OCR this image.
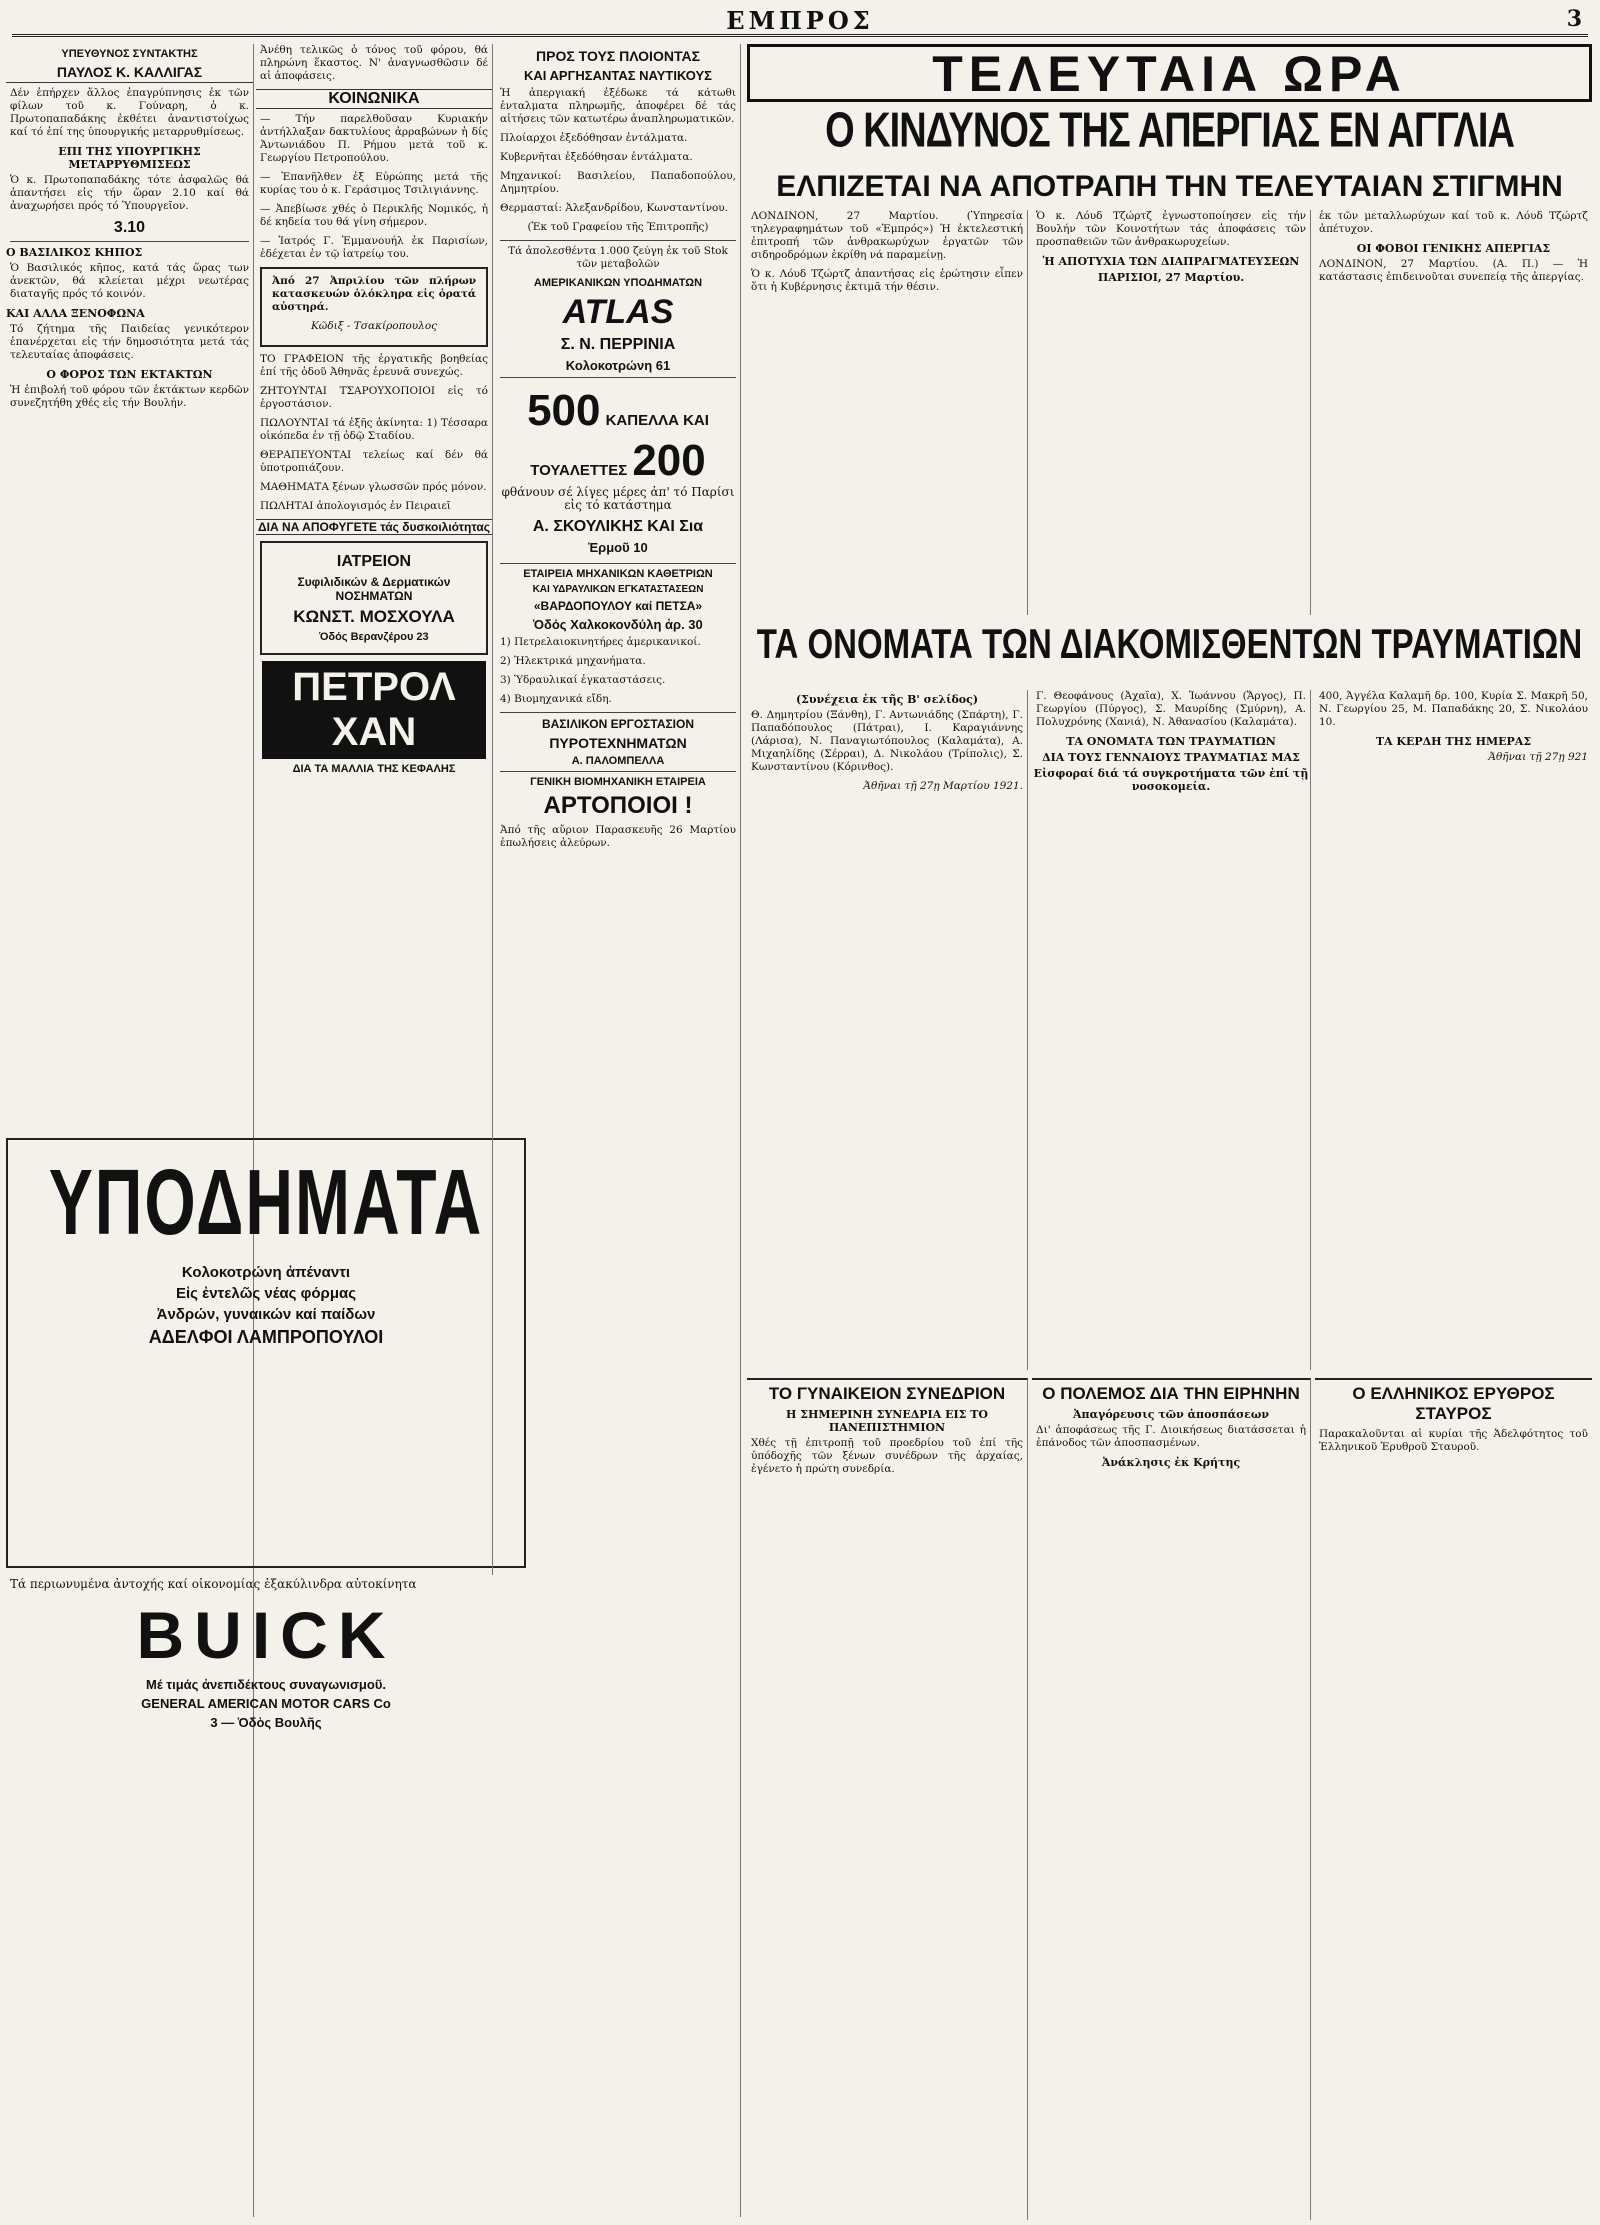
ΕΜΠΡΟΣ	3
ΥΠΕΥΘΥΝΟΣ ΣΥΝΤΑΚΤΗΣ
ΠΑΥΛΟΣ Κ. ΚΑΛΛΙΓΑΣ

Δέν ἐπήρχεν ἄλλος ἐπαγρύπνησις ἐκ τῶν φίλων τοῦ κ. Γούναρη, ὁ κ. Πρωτοπαπαδάκης ἐκθέτει ἀναντιστοίχως καί τό ἐπί της ὑπουργικής μεταρρυθμίσεως.

ΕΠΙ ΤΗΣ ΥΠΟΥΡΓΙΚΗΣ ΜΕΤΑΡΡΥΘΜΙΣΕΩΣ

Ὁ κ. Πρωτοπαπαδάκης τότε ἀσφαλῶς θά ἀπαντήσει εἰς τήν ὥραν 2.10 καί θά ἀναχωρήσει πρός τό Ὑπουργεῖον.

3.10
Ο ΒΑΣΙΛΙΚΟΣ ΚΗΠΟΣ

Ὁ Βασιλικός κῆπος, κατά τάς ὥρας των ἀνεκτῶν, θά κλείεται μέχρι νεωτέρας διαταγῆς πρός τό κοινόν.

ΚΑΙ ΑΛΛΑ ΞΕΝΟΦΩΝΑ

Τό ζήτημα τῆς Παιδείας γενικότερον ἐπανέρχεται εἰς τήν δημοσιότητα μετά τάς τελευταίας ἀποφάσεις.

Ο ΦΟΡΟΣ ΤΩΝ ΕΚΤΑΚΤΩΝ

Ἡ ἐπιβολή τοῦ φόρου τῶν ἐκτάκτων κερδῶν συνεζητήθη χθές εἰς τήν Βουλήν.

ΥΠΟΔΗΜΑΤΑ
Κολοκοτρώνη ἀπέναντι
Εἰς ἐντελῶς νέας φόρμας
Ἀνδρών, γυναικών καί παίδων
ΑΔΕΛΦΟΙ ΛΑΜΠΡΟΠΟΥΛΟΙ

Τά περιωνυμένα ἀντοχής καί οἰκονομίας ἑξακύλινδρα αὐτοκίνητα

BUICK
Μέ τιμάς ἀνεπιδέκτους συναγωνισμοῦ.
GENERAL AMERICAN MOTOR CARS Co
3 — Ὁδὸς Βουλῆς

Ἀνέθη τελικῶς ὁ τόνος τοῦ φόρου, θά πληρώνη ἕκαστος. Ν' ἀναγνωσθῶσιν δέ αἱ ἀποφάσεις.

ΚΟΙΝΩΝΙΚΑ

— Τήν παρελθοῦσαν Κυριακήν ἀντήλλαξαν δακτυλίους ἀρραβώνων ἡ δίς Ἀντωνιάδου Π. Ρήμου μετά τοῦ κ. Γεωργίου Πετροπούλου.

— Ἐπανῆλθεν ἐξ Εὐρώπης μετά τῆς κυρίας του ὁ κ. Γεράσιμος Τσιλιγιάννης.

— Ἀπεβίωσε χθές ὁ Περικλῆς Νομικός, ἡ δέ κηδεία του θά γίνη σήμερον.

— Ἰατρός Γ. Ἐμμανουήλ ἐκ Παρισίων, ἐδέχεται ἐν τῷ ἰατρείῳ του.

Ἀπό 27 Ἀπριλίου τῶν πλήρων κατασκευών ὁλόκληρα εἰς ὁρατά αὐστηρά.
Κῶδιξ - Τσακίροπουλος

ΤΟ ΓΡΑΦΕΙΟΝ τῆς ἐργατικῆς βοηθείας ἐπί τῆς ὁδοῦ Ἀθηνᾶς ἐρευνᾶ συνεχώς.

ΖΗΤΟΥΝΤΑΙ ΤΣΑΡΟΥΧΟΠΟΙΟΙ εἰς τό ἐργοστάσιον.

ΠΩΛΟΥΝΤΑΙ τά ἐξῆς ἀκίνητα: 1) Τέσσαρα οἰκόπεδα ἐν τῇ ὁδῷ Σταδίου.

ΘΕΡΑΠΕΥΟΝΤΑΙ τελείως καί δέν θά ὑποτροπιάζουν.

ΜΑΘΗΜΑΤΑ ξένων γλωσσῶν πρός μόνον.

ΠΩΛΗΤΑΙ ἀπολογισμός ἐν Πειραιεῖ

ΔΙΑ ΝΑ ΑΠΟΦΥΓΕΤΕ τάς δυσκοιλιότητας
ΙΑΤΡΕΙΟΝ
Συφιλιδικών & Δερματικών ΝΟΣΗΜΑΤΩΝ
ΚΩΝΣΤ. ΜΟΣΧΟΥΛΑ
Ὁδός Βερανζέρου 23
ΠΕΤΡΟΛ ΧΑΝ
ΔΙΑ ΤΑ ΜΑΛΛΙΑ ΤΗΣ ΚΕΦΑΛΗΣ
ΠΡΟΣ ΤΟΥΣ ΠΛΟΙΟΝΤΑΣ
ΚΑΙ ΑΡΓΗΣΑΝΤΑΣ ΝΑΥΤΙΚΟΥΣ

Ἡ ἀπεργιακή ἐξέδωκε τά κάτωθι ἐνταλματα πληρωμῆς, ἀποφέρει δέ τάς αἰτήσεις τῶν κατωτέρω ἀναπληρωματικῶν.

Πλοίαρχοι ἐξεδόθησαν ἐντάλματα.

Κυβερνῆται ἐξεδόθησαν ἐντάλματα.

Μηχανικοί: Βασιλείου, Παπαδοπούλου, Δημητρίου.

Θερμασταί: Ἀλεξανδρίδου, Κωνσταντίνου.

(Ἐκ τοῦ Γραφείου τῆς Ἐπιτροπῆς)

Τά ἀπολεσθέντα 1.000 ζεύγη ἐκ τοῦ Stok τῶν μεταβολῶν

ΑΜΕΡΙΚΑΝΙΚΩΝ ΥΠΟΔΗΜΑΤΩΝ
ATLAS
Σ. Ν. ΠΕΡΡΙΝΙΑ
Κολοκοτρώνη 61
500 ΚΑΠΕΛΛΑ ΚΑΙ
ΤΟΥΑΛΕΤΤΕΣ 200
φθάνουν σέ λίγες μέρες ἀπ' τό Παρίσι εἰς τό κατάστημα
Α. ΣΚΟΥΛΙΚΗΣ ΚΑΙ Σια
Ἑρμοῦ 10
ΕΤΑΙΡΕΙΑ ΜΗΧΑΝΙΚΩΝ ΚΑΘΕΤΡΙΩΝ
ΚΑΙ ΥΔΡΑΥΛΙΚΩΝ ΕΓΚΑΤΑΣΤΑΣΕΩΝ
«ΒΑΡΔΟΠΟΥΛΟΥ καί ΠΕΤΣΑ»
Ὁδός Χαλκοκονδύλη ἀρ. 30

1) Πετρελαιοκινητήρες ἀμερικανικοί.

2) Ἠλεκτρικά μηχανήματα.

3) Ὑδραυλικαί ἐγκαταστάσεις.

4) Βιομηχανικά εἴδη.

ΒΑΣΙΛΙΚΟΝ ΕΡΓΟΣΤΑΣΙΟΝ
ΠΥΡΟΤΕΧΝΗΜΑΤΩΝ
Α. ΠΑΛΟΜΠΕΛΛΑ
ΓΕΝΙΚΗ ΒΙΟΜΗΧΑΝΙΚΗ ΕΤΑΙΡΕΙΑ
ΑΡΤΟΠΟΙΟΙ !

Ἀπό τῆς αὔριον Παρασκευῆς 26 Μαρτίου ἐπωλήσεις ἀλεύρων.

ΤΕΛΕΥΤΑΙΑ ΩΡΑ
Ο ΚΙΝΔΥΝΟΣ ΤΗΣ ΑΠΕΡΓΙΑΣ ΕΝ ΑΓΓΛΙΑ
ΕΛΠΙΖΕΤΑΙ ΝΑ ΑΠΟΤΡΑΠΗ ΤΗΝ ΤΕΛΕΥΤΑΙΑΝ ΣΤΙΓΜΗΝ

ΛΟΝΔΙΝΟΝ, 27 Μαρτίου. (Ὑπηρεσία τηλεγραφημάτων τοῦ «Ἐμπρός») Ἡ ἐκτελεστική ἐπιτροπή τῶν ἀνθρακωρύχων ἐργατῶν τῶν σιδηροδρόμων ἐκρίθη νά παραμείνῃ.

Ὁ κ. Λόυδ Τζώρτζ ἀπαντήσας εἰς ἐρώτησιν εἶπεν ὅτι ἡ Κυβέρνησις ἐκτιμᾶ τήν θέσιν.

Ὁ κ. Λόυδ Τζώρτζ ἐγνωστοποίησεν εἰς τήν Βουλήν τῶν Κοινοτήτων τάς ἀποφάσεις τῶν προσπαθειῶν τῶν ἀνθρακωρυχείων.

Ἡ ΑΠΟΤΥΧΙΑ ΤΩΝ ΔΙΑΠΡΑΓΜΑΤΕΥΣΕΩΝ
ΠΑΡΙΣΙΟΙ, 27 Μαρτίου.

ἐκ τῶν μεταλλωρύχων καί τοῦ κ. Λόυδ Τζώρτζ ἀπέτυχον.

ΟΙ ΦΟΒΟΙ ΓΕΝΙΚΗΣ ΑΠΕΡΓΙΑΣ

ΛΟΝΔΙΝΟΝ, 27 Μαρτίου. (Α. Π.) — Ἡ κατάστασις ἐπιδεινοῦται συνεπείᾳ τῆς ἀπεργίας.

ΤΑ ΟΝΟΜΑΤΑ ΤΩΝ ΔΙΑΚΟΜΙΣΘΕΝΤΩΝ ΤΡΑΥΜΑΤΙΩΝ
(Συνέχεια ἐκ τῆς Β' σελίδος)

Θ. Δημητρίου (Ξάνθη), Γ. Αντωνιάδης (Σπάρτη), Γ. Παπαδόπουλος (Πάτραι), Ι. Καραγιάννης (Λάρισα), Ν. Παναγιωτόπουλος (Καλαμάτα), Α. Μιχαηλίδης (Σέρραι), Δ. Νικολάου (Τρίπολις), Σ. Κωνσταντίνου (Κόρινθος).

Ἀθῆναι τῇ 27ῃ Μαρτίου 1921.

Γ. Θεοφάνους (Ἀχαΐα), Χ. Ἰωάννου (Ἄργος), Π. Γεωργίου (Πύργος), Σ. Μαυρίδης (Σμύρνη), Α. Πολυχρόνης (Χανιά), Ν. Ἀθανασίου (Καλαμάτα).

ΤΑ ΟΝΟΜΑΤΑ ΤΩΝ ΤΡΑΥΜΑΤΙΩΝ
ΔΙΑ ΤΟΥΣ ΓΕΝΝΑΙΟΥΣ ΤΡΑΥΜΑΤΙΑΣ ΜΑΣ
Εἰσφοραί διά τά συγκροτήματα τῶν ἐπί τῇ νοσοκομεία.

400, Ἀγγέλα Καλαμῆ δρ. 100, Κυρία Σ. Μακρῆ 50, Ν. Γεωργίου 25, Μ. Παπαδάκης 20, Σ. Νικολάου 10.

ΤΑ ΚΕΡΔΗ ΤΗΣ ΗΜΕΡΑΣ

Ἀθῆναι τῇ 27ῃ 921

ΤΟ ΓΥΝΑΙΚΕΙΟΝ ΣΥΝΕΔΡΙΟΝ
Η ΣΗΜΕΡΙΝΗ ΣΥΝΕΔΡΙΑ ΕΙΣ ΤΟ ΠΑΝΕΠΙΣΤΗΜΙΟΝ

Χθές τῇ ἐπιτροπῇ τοῦ προεδρίου τοῦ ἐπί τῆς ὑπόδοχῆς τῶν ξένων συνέδρων τῆς ἀρχαίας, ἐγένετο ἡ πρώτη συνεδρία.

Ο ΠΟΛΕΜΟΣ ΔΙΑ ΤΗΝ ΕΙΡΗΝΗΝ
Ἀπαγόρευσις τῶν ἀποσπάσεων

Δι' ἀποφάσεως τῆς Γ. Διοικήσεως διατάσσεται ἡ ἐπάνοδος τῶν ἀποσπασμένων.

Ἀνάκλησις ἐκ Κρήτης
Ο ΕΛΛΗΝΙΚΟΣ ΕΡΥΘΡΟΣ ΣΤΑΥΡΟΣ

Παρακαλοῦνται αἱ κυρίαι τῆς Ἀδελφότητος τοῦ Ἑλληνικοῦ Ἐρυθροῦ Σταυροῦ.
